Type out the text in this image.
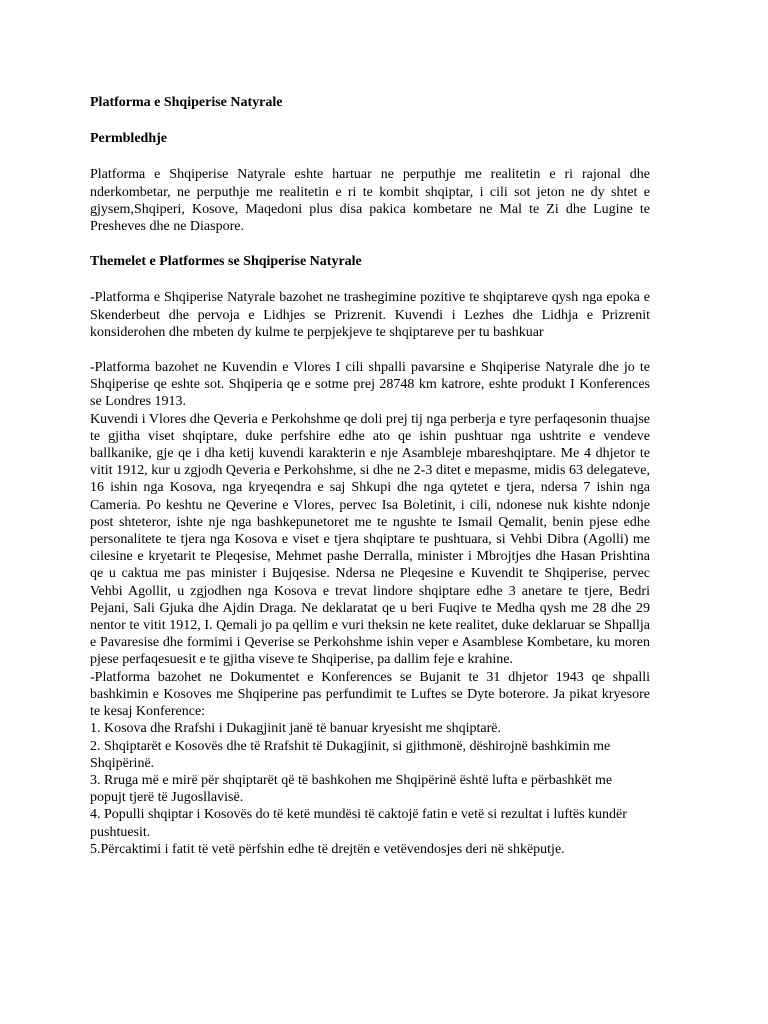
Platforma e Shqiperise Natyrale

Permbledhje

Platforma e Shqiperise Natyrale eshte hartuar ne perputhje me realitetin e ri rajonal dhe nderkombetar, ne perputhje me realitetin e ri te kombit shqiptar, i cili sot jeton ne dy shtet e gjysem,Shqiperi, Kosove, Maqedoni plus disa pakica kombetare ne Mal te Zi dhe Lugine te Presheves dhe ne Diaspore.

Themelet e Platformes se Shqiperise Natyrale

-Platforma e Shqiperise Natyrale bazohet ne trashegimine pozitive te shqiptareve qysh nga epoka e Skenderbeut dhe pervoja e Lidhjes se Prizrenit. Kuvendi i Lezhes dhe Lidhja e Prizrenit konsiderohen dhe mbeten dy kulme te perpjekjeve te shqiptareve per tu bashkuar

-Platforma bazohet ne Kuvendin e Vlores I cili shpalli pavarsine e Shqiperise Natyrale dhe jo te Shqiperise qe eshte sot. Shqiperia qe e sotme prej 28748 km katrore, eshte produkt I Konferences se Londres 1913.

Kuvendi i Vlores dhe Qeveria e Perkohshme qe doli prej tij nga perberja e tyre perfaqesonin thuajse te gjitha viset shqiptare, duke perfshire edhe ato qe ishin pushtuar nga ushtrite e vendeve ballkanike, gje qe i dha ketij kuvendi karakterin e nje Asambleje mbareshqiptare. Me 4 dhjetor te vitit 1912, kur u zgjodh Qeveria e Perkohshme, si dhe ne 2-3 ditet e mepasme, midis 63 delegateve, 16 ishin nga Kosova, nga kryeqendra e saj Shkupi dhe nga qytetet e tjera, ndersa 7 ishin nga Cameria. Po keshtu ne Qeverine e Vlores, pervec Isa Boletinit, i cili, ndonese nuk kishte ndonje post shteteror, ishte nje nga bashkepunetoret me te ngushte te Ismail Qemalit, benin pjese edhe personalitete te tjera nga Kosova e viset e tjera shqiptare te pushtuara, si Vehbi Dibra (Agolli) me cilesine e kryetarit te Pleqesise, Mehmet pashe Derralla, minister i Mbrojtjes dhe Hasan Prishtina qe u caktua me pas minister i Bujqesise. Ndersa ne Pleqesine e Kuvendit te Shqiperise, pervec Vehbi Agollit, u zgjodhen nga Kosova e trevat lindore shqiptare edhe 3 anetare te tjere, Bedri Pejani, Sali Gjuka dhe Ajdin Draga. Ne deklaratat qe u beri Fuqive te Medha qysh me 28 dhe 29 nentor te vitit 1912, I. Qemali jo pa qellim e vuri theksin ne kete realitet, duke deklaruar se Shpallja e Pavaresise dhe formimi i Qeverise se Perkohshme ishin veper e Asamblese Kombetare, ku moren pjese perfaqesuesit e te gjitha viseve te Shqiperise, pa dallim feje e krahine.

-Platforma bazohet ne Dokumentet e Konferences se Bujanit te 31 dhjetor 1943 qe shpalli bashkimin e Kosoves me Shqiperine pas perfundimit te Luftes se Dyte boterore. Ja pikat kryesore te kesaj Konference:

1. Kosova dhe Rrafshi i Dukagjinit janë të banuar kryesisht me shqiptarë.

2. Shqiptarët e Kosovës dhe të Rrafshit të Dukagjinit, si gjithmonë, dëshirojnë bashkimin me Shqipërinë.

3. Rruga më e mirë për shqiptarët që të bashkohen me Shqipërinë është lufta e përbashkët me popujt tjerë të Jugosllavisë.

4. Populli shqiptar i Kosovës do të ketë mundësi të caktojë fatin e vetë si rezultat i luftës kundër pushtuesit.

5.Përcaktimi i fatit të vetë përfshin edhe të drejtën e vetëvendosjes deri në shkëputje.
